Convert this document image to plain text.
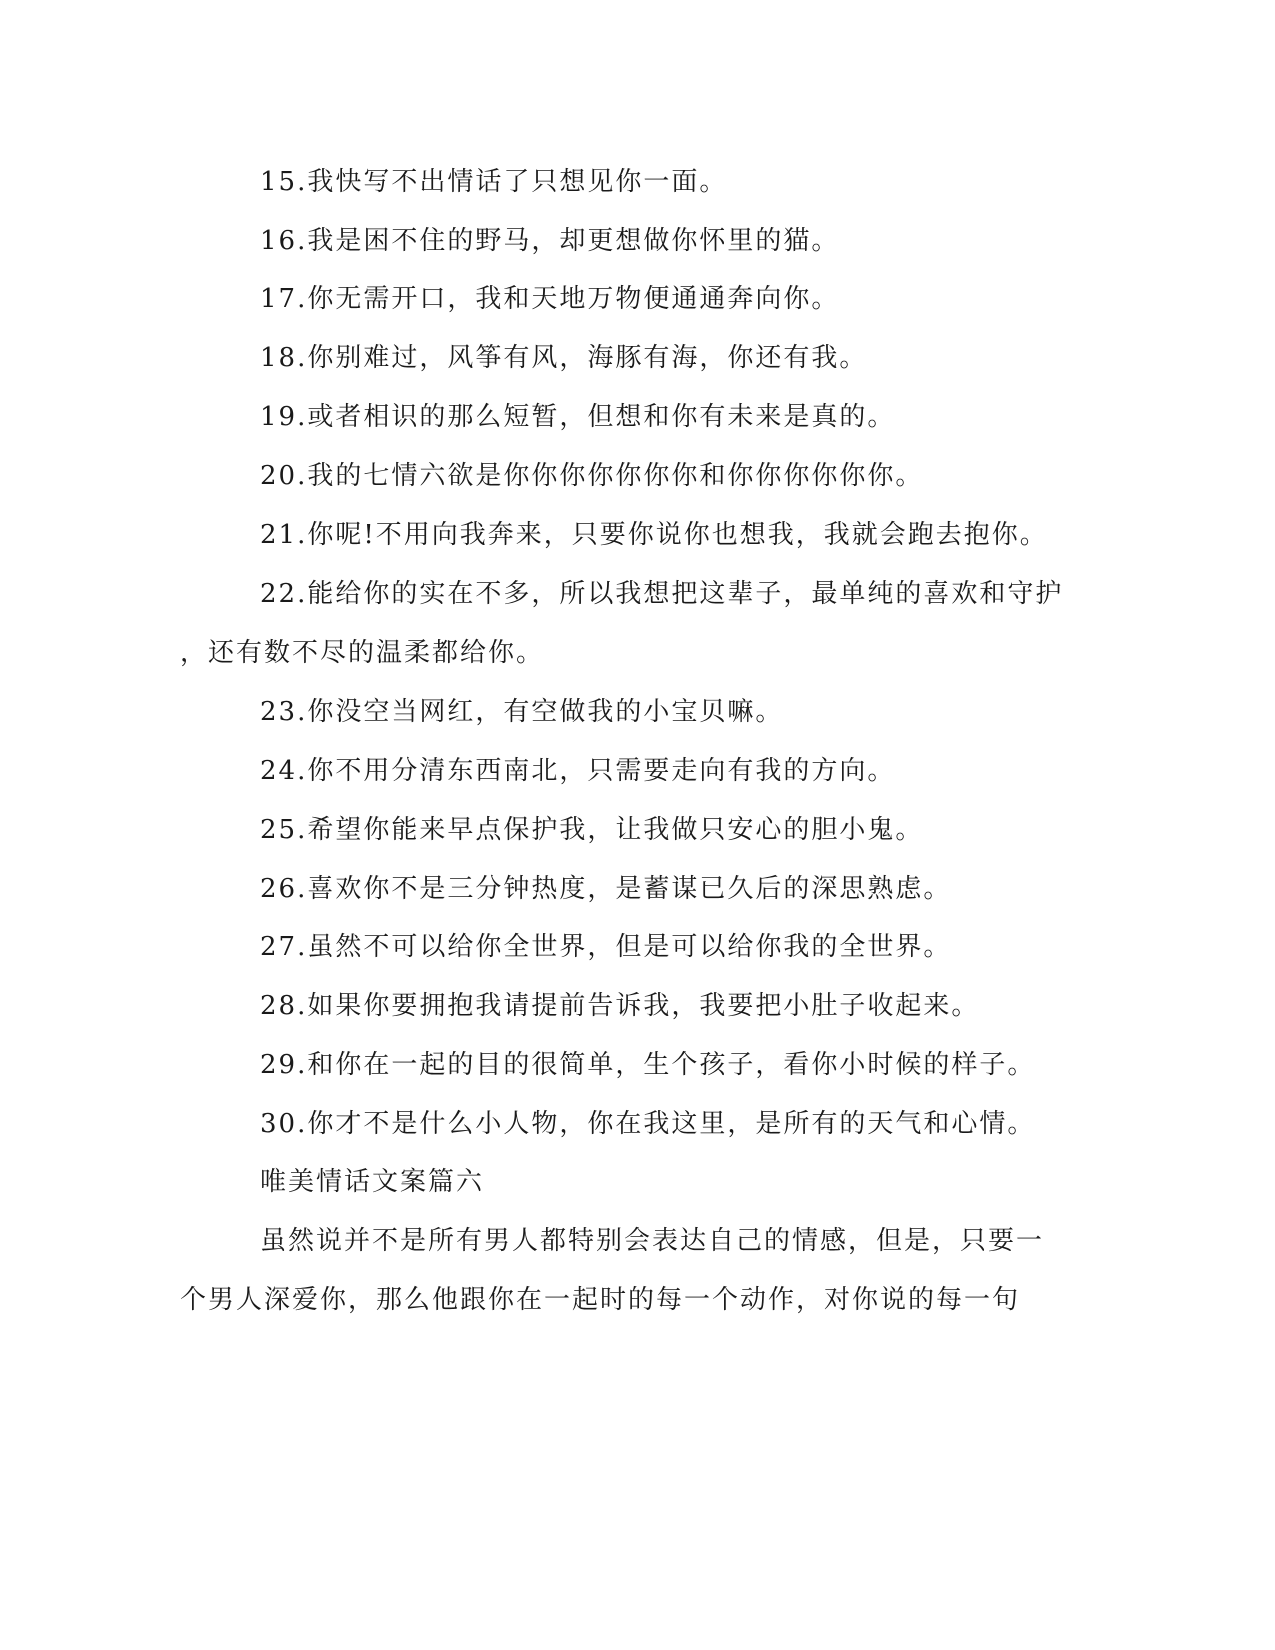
15.我快写不出情话了只想见你一面。
16.我是困不住的野马，却更想做你怀里的猫。
17.你无需开口，我和天地万物便通通奔向你。
18.你别难过，风筝有风，海豚有海，你还有我。
19.或者相识的那么短暂，但想和你有未来是真的。
20.我的七情六欲是你你你你你你你和你你你你你你。
21.你呢!不用向我奔来，只要你说你也想我，我就会跑去抱你。
22.能给你的实在不多，所以我想把这辈子，最单纯的喜欢和守护
，还有数不尽的温柔都给你。
23.你没空当网红，有空做我的小宝贝嘛。
24.你不用分清东西南北，只需要走向有我的方向。
25.希望你能来早点保护我，让我做只安心的胆小鬼。
26.喜欢你不是三分钟热度，是蓄谋已久后的深思熟虑。
27.虽然不可以给你全世界，但是可以给你我的全世界。
28.如果你要拥抱我请提前告诉我，我要把小肚子收起来。
29.和你在一起的目的很简单，生个孩子，看你小时候的样子。
30.你才不是什么小人物，你在我这里，是所有的天气和心情。
唯美情话文案篇六
虽然说并不是所有男人都特别会表达自己的情感，但是，只要一
个男人深爱你，那么他跟你在一起时的每一个动作，对你说的每一句
